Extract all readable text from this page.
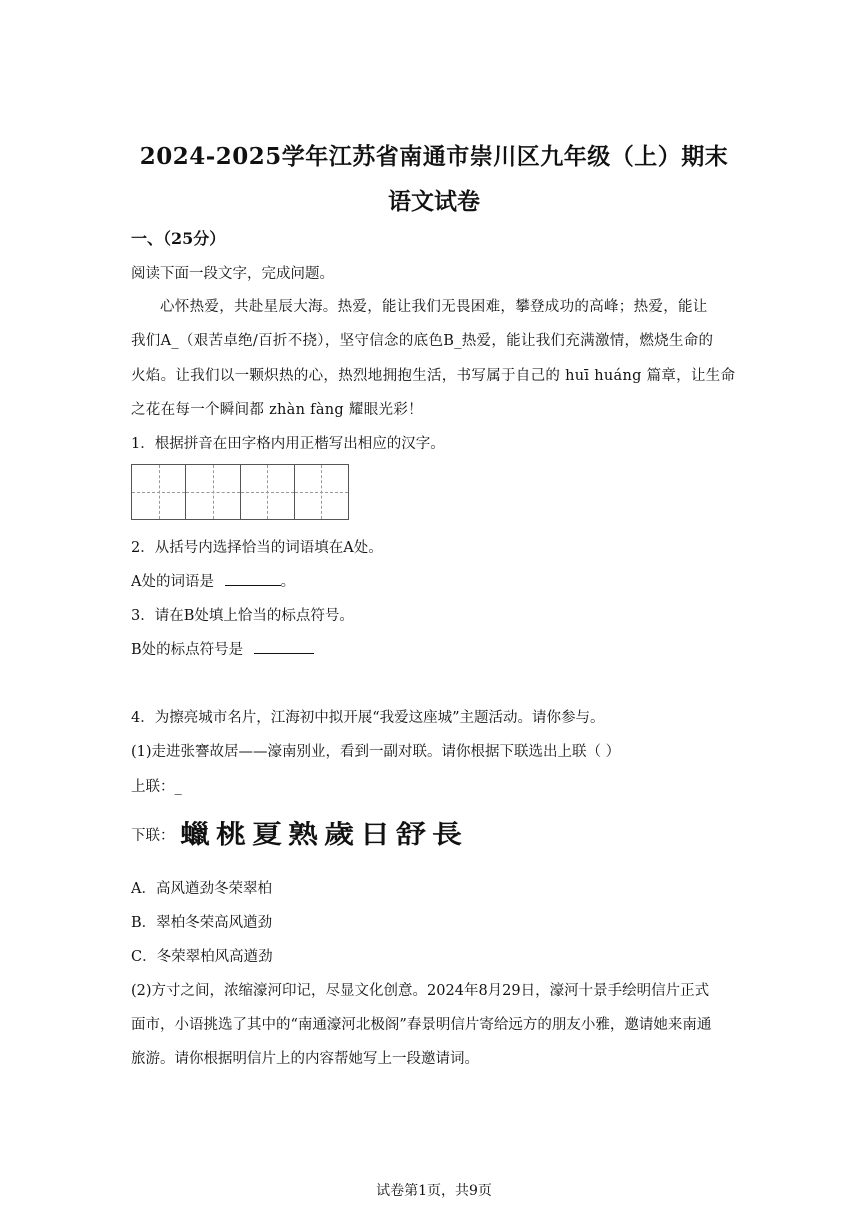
2024-2025学年江苏省南通市崇川区九年级（上）期末
语文试卷
一、（25分）
阅读下面一段文字，完成问题。
心怀热爱，共赴星辰大海。热爱，能让我们无畏困难，攀登成功的高峰；热爱，能让
我们A_（艰苦卓绝/百折不挠），坚守信念的底色B_热爱，能让我们充满激情，燃烧生命的
火焰。让我们以一颗炽热的心，热烈地拥抱生活，书写属于自己的 huī huáng 篇章，让生命
之花在每一个瞬间都 zhàn fàng 耀眼光彩！
1．根据拼音在田字格内用正楷写出相应的汉字。
2．从括号内选择恰当的词语填在A处。
A处的词语是	。
3．请在B处填上恰当的标点符号。
B处的标点符号是
4．为擦亮城市名片，江海初中拟开展“我爱这座城”主题活动。请你参与。
(1)走进张謇故居——濠南别业，看到一副对联。请你根据下联选出上联（ ）
上联：_
下联： 蠟桃夏熟歲日舒長
A．高风遒劲冬荣翠柏
B．翠柏冬荣高风遒劲
C．冬荣翠柏风高遒劲
(2)方寸之间，浓缩濠河印记，尽显文化创意。2024年8月29日，濠河十景手绘明信片正式
面市，小语挑选了其中的“南通濠河北极阁”春景明信片寄给远方的朋友小雅，邀请她来南通
旅游。请你根据明信片上的内容帮她写上一段邀请词。
试卷第1页，共9页
